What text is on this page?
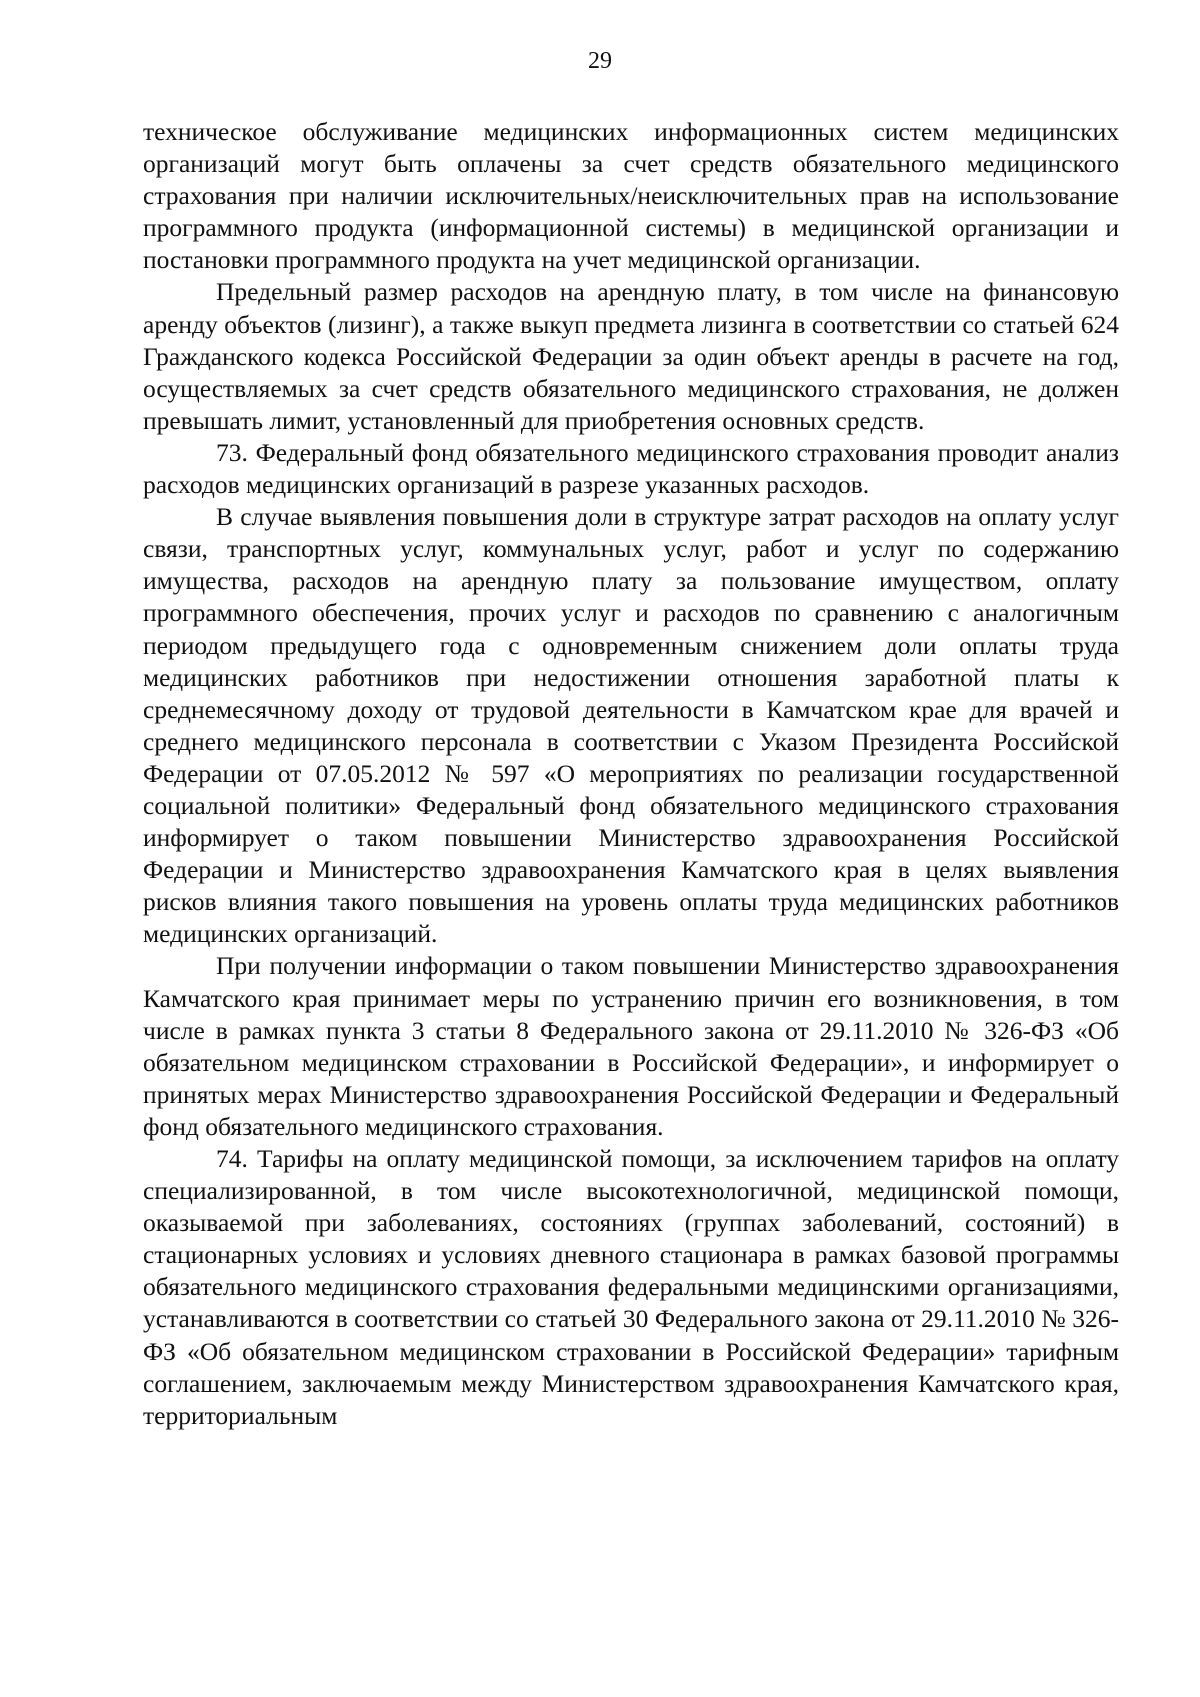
29

техническое обслуживание медицинских информационных систем медицинских организаций могут быть оплачены за счет средств обязательного медицинского страхования при наличии исключительных/неисключительных прав на использование программного продукта (информационной системы) в медицинской организации и постановки программного продукта на учет медицинской организации.

Предельный размер расходов на арендную плату, в том числе на финансовую аренду объектов (лизинг), а также выкуп предмета лизинга в соответствии со статьей 624 Гражданского кодекса Российской Федерации за один объект аренды в расчете на год, осуществляемых за счет средств обязательного медицинского страхования, не должен превышать лимит, установленный для приобретения основных средств.

73. Федеральный фонд обязательного медицинского страхования проводит анализ расходов медицинских организаций в разрезе указанных расходов.

В случае выявления повышения доли в структуре затрат расходов на оплату услуг связи, транспортных услуг, коммунальных услуг, работ и услуг по содержанию имущества, расходов на арендную плату за пользование имуществом, оплату программного обеспечения, прочих услуг и расходов по сравнению с аналогичным периодом предыдущего года с одновременным снижением доли оплаты труда медицинских работников при недостижении отношения заработной платы к среднемесячному доходу от трудовой деятельности в Камчатском крае для врачей и среднего медицинского персонала в соответствии с Указом Президента Российской Федерации от 07.05.2012 № 597 «О мероприятиях по реализации государственной социальной политики» Федеральный фонд обязательного медицинского страхования информирует о таком повышении Министерство здравоохранения Российской Федерации и Министерство здравоохранения Камчатского края в целях выявления рисков влияния такого повышения на уровень оплаты труда медицинских работников медицинских организаций.

При получении информации о таком повышении Министерство здравоохранения Камчатского края принимает меры по устранению причин его возникновения, в том числе в рамках пункта 3 статьи 8 Федерального закона от 29.11.2010 № 326-ФЗ «Об обязательном медицинском страховании в Российской Федерации», и информирует о принятых мерах Министерство здравоохранения Российской Федерации и Федеральный фонд обязательного медицинского страхования.

74. Тарифы на оплату медицинской помощи, за исключением тарифов на оплату специализированной, в том числе высокотехнологичной, медицинской помощи, оказываемой при заболеваниях, состояниях (группах заболеваний, состояний) в стационарных условиях и условиях дневного стационара в рамках базовой программы обязательного медицинского страхования федеральными медицинскими организациями, устанавливаются в соответствии со статьей 30 Федерального закона от 29.11.2010 № 326-ФЗ «Об обязательном медицинском страховании в Российской Федерации» тарифным соглашением, заключаемым между Министерством здравоохранения Камчатского края, территориальным
